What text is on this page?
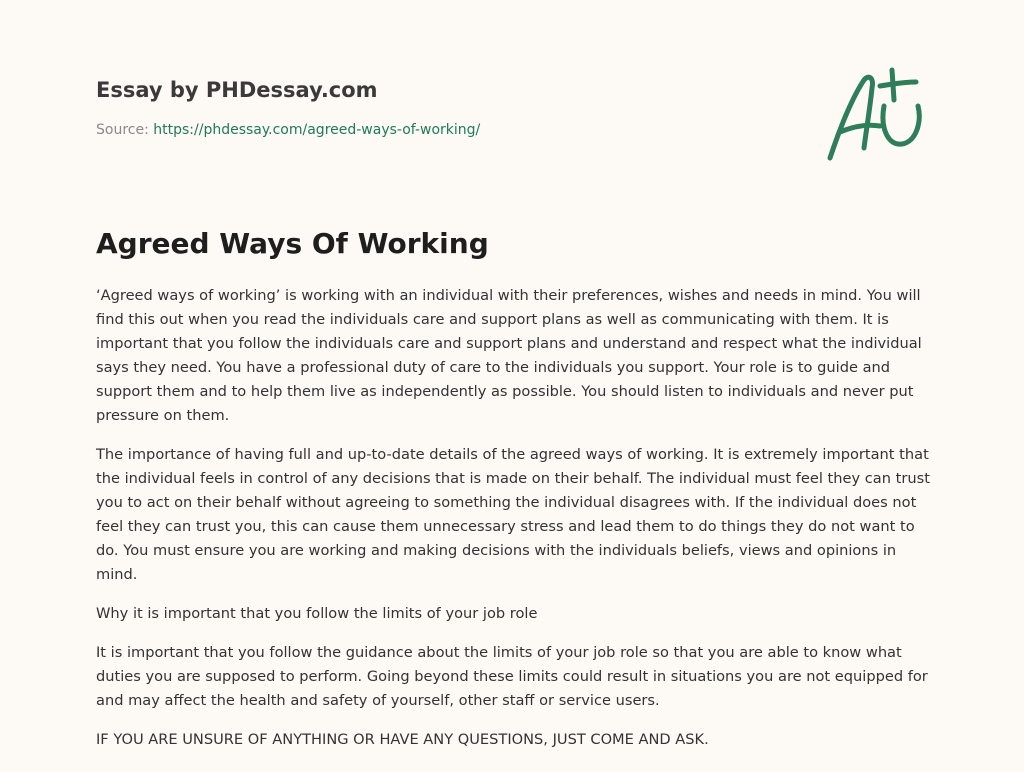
Essay by PHDessay.com
Source: https://phdessay.com/agreed-ways-of-working/
Agreed Ways Of Working

‘Agreed ways of working’ is working with an individual with their preferences, wishes and needs in mind. You will find this out when you read the individuals care and support plans as well as communicating with them. It is important that you follow the individuals care and support plans and understand and respect what the individual says they need. You have a professional duty of care to the individuals you support. Your role is to guide and support them and to help them live as independently as possible. You should listen to individuals and never put pressure on them.

The importance of having full and up-to-date details of the agreed ways of working. It is extremely important that the individual feels in control of any decisions that is made on their behalf. The individual must feel they can trust you to act on their behalf without agreeing to something the individual disagrees with. If the individual does not feel they can trust you, this can cause them unnecessary stress and lead them to do things they do not want to do. You must ensure you are working and making decisions with the individuals beliefs, views and opinions in mind.

Why it is important that you follow the limits of your job role

It is important that you follow the guidance about the limits of your job role so that you are able to know what duties you are supposed to perform. Going beyond these limits could result in situations you are not equipped for and may affect the health and safety of yourself, other staff or service users.

IF YOU ARE UNSURE OF ANYTHING OR HAVE ANY QUESTIONS, JUST COME AND ASK.
